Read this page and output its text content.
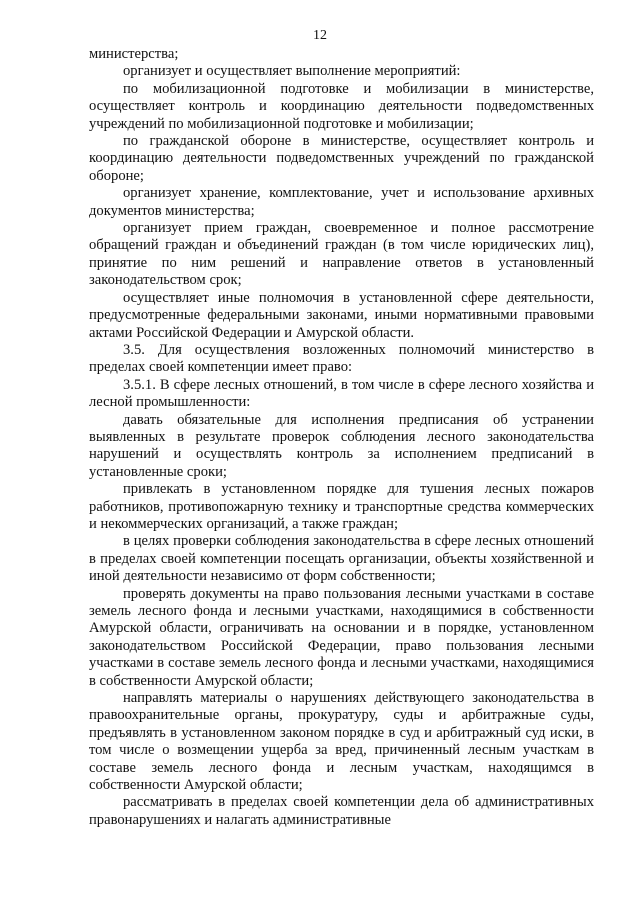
12

министерства;

организует и осуществляет выполнение мероприятий:

по мобилизационной подготовке и мобилизации в министерстве, осуществляет контроль и координацию деятельности подведомственных учреждений по мобилизационной подготовке и мобилизации;

по гражданской обороне в министерстве, осуществляет контроль и координацию деятельности подведомственных учреждений по гражданской обороне;

организует хранение, комплектование, учет и использование архивных документов министерства;

организует прием граждан, своевременное и полное рассмотрение обращений граждан и объединений граждан (в том числе юридических лиц), принятие по ним решений и направление ответов в установленный законодательством срок;

осуществляет иные полномочия в установленной сфере деятельности, предусмотренные федеральными законами, иными нормативными правовыми актами Российской Федерации и Амурской области.

3.5. Для осуществления возложенных полномочий министерство в пределах своей компетенции имеет право:

3.5.1. В сфере лесных отношений, в том числе в сфере лесного хозяйства и лесной промышленности:

давать обязательные для исполнения предписания об устранении выявленных в результате проверок соблюдения лесного законодательства нарушений и осуществлять контроль за исполнением предписаний в установленные сроки;

привлекать в установленном порядке для тушения лесных пожаров работников, противопожарную технику и транспортные средства коммерческих и некоммерческих организаций, а также граждан;

в целях проверки соблюдения законодательства в сфере лесных отношений в пределах своей компетенции посещать организации, объекты хозяйственной и иной деятельности независимо от форм собственности;

проверять документы на право пользования лесными участками в составе земель лесного фонда и лесными участками, находящимися в собственности Амурской области, ограничивать на основании и в порядке, установленном законодательством Российской Федерации, право пользования лесными участками в составе земель лесного фонда и лесными участками, находящимися в собственности Амурской области;

направлять материалы о нарушениях действующего законодательства в правоохранительные органы, прокуратуру, суды и арбитражные суды, предъявлять в установленном законом порядке в суд и арбитражный суд иски, в том числе о возмещении ущерба за вред, причиненный лесным участкам в составе земель лесного фонда и лесным участкам, находящимся в собственности Амурской области;

рассматривать в пределах своей компетенции дела об административных правонарушениях и налагать административные
